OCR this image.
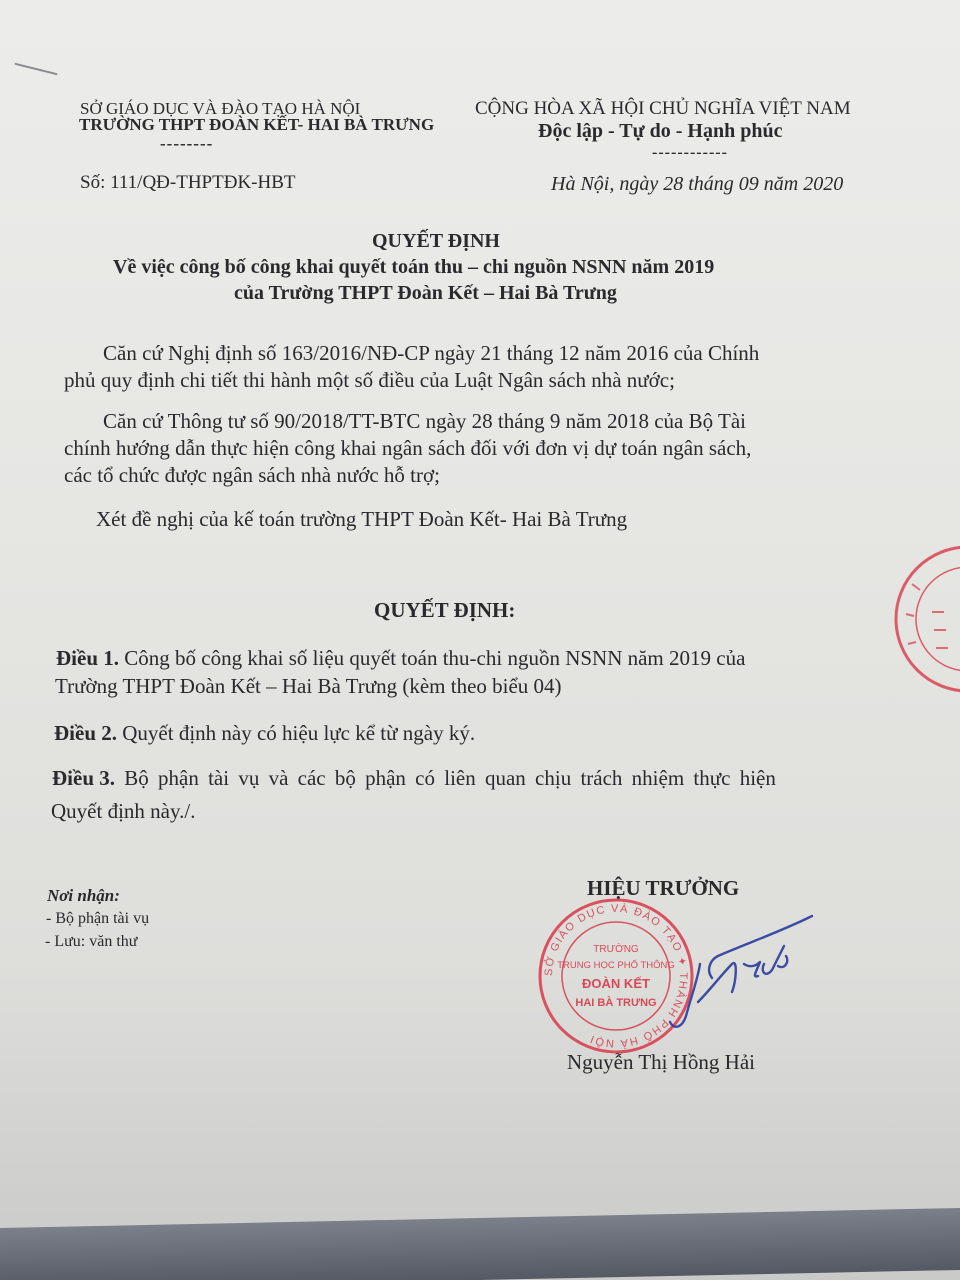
SỞ GIÁO DỤC VÀ ĐÀO TẠO HÀ NỘI
TRƯỜNG THPT ĐOÀN KẾT- HAI BÀ TRƯNG
--------
CỘNG HÒA XÃ HỘI CHỦ NGHĨA VIỆT NAM
Độc lập - Tự do - Hạnh phúc
------------
Số: 111/QĐ-THPTĐK-HBT	Hà Nội, ngày 28 tháng 09 năm 2020
QUYẾT ĐỊNH
Về việc công bố công khai quyết toán thu – chi nguồn NSNN năm 2019
của Trường THPT Đoàn Kết – Hai Bà Trưng
Căn cứ Nghị định số 163/2016/NĐ-CP ngày 21 tháng 12 năm 2016 của Chính
phủ quy định chi tiết thi hành một số điều của Luật Ngân sách nhà nước;
Căn cứ Thông tư số 90/2018/TT-BTC ngày 28 tháng 9 năm 2018 của Bộ Tài
chính hướng dẫn thực hiện công khai ngân sách đối với đơn vị dự toán ngân sách,
các tổ chức được ngân sách nhà nước hỗ trợ;
Xét đề nghị của kế toán trường THPT Đoàn Kết- Hai Bà Trưng
QUYẾT ĐỊNH:
Điều 1. Công bố công khai số liệu quyết toán thu-chi nguồn NSNN năm 2019 của
Trường THPT Đoàn Kết – Hai Bà Trưng (kèm theo biểu 04)
Điều 2. Quyết định này có hiệu lực kể từ ngày ký.
Điều 3. Bộ phận tài vụ và các bộ phận có liên quan chịu trách nhiệm thực hiện
Quyết định này./.
Nơi nhận:
- Bộ phận tài vụ
- Lưu: văn thư
HIỆU TRƯỞNG
SỞ GIÁO DỤC VÀ ĐÀO TẠO ✦ THÀNH PHỐ HÀ NỘI
TRƯỜNG
TRUNG HỌC PHỔ THÔNG
ĐOÀN KẾT
HAI BÀ TRƯNG
Nguyễn Thị Hồng Hải
